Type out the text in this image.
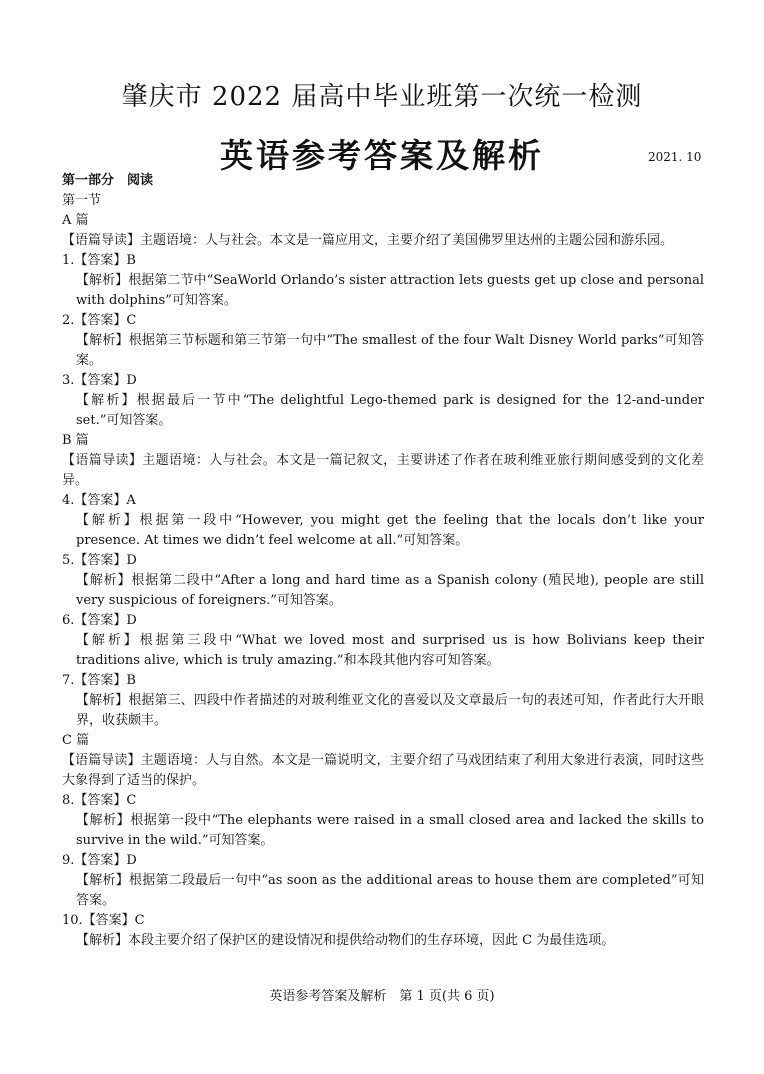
肇庆市 2022 届高中毕业班第一次统一检测
英语参考答案及解析	2021. 10
第一部分　阅读
第一节
A 篇
【语篇导读】主题语境：人与社会。本文是一篇应用文，主要介绍了美国佛罗里达州的主题公园和游乐园。
1.【答案】B
【解析】根据第二节中“SeaWorld Orlando’s sister attraction lets guests get up close and personal with dolphins”可知答案。
2.【答案】C
【解析】根据第三节标题和第三节第一句中“The smallest of the four Walt Disney World parks”可知答案。
3.【答案】D
【解析】根据最后一节中“The delightful Lego-themed park is designed for the 12-and-under set.”可知答案。
B 篇
【语篇导读】主题语境：人与社会。本文是一篇记叙文，主要讲述了作者在玻利维亚旅行期间感受到的文化差异。
4.【答案】A
【解析】根据第一段中“However, you might get the feeling that the locals don’t like your presence. At times we didn’t feel welcome at all.”可知答案。
5.【答案】D
【解析】根据第二段中“After a long and hard time as a Spanish colony (殖民地), people are still very suspicious of foreigners.”可知答案。
6.【答案】D
【解析】根据第三段中“What we loved most and surprised us is how Bolivians keep their traditions alive, which is truly amazing.”和本段其他内容可知答案。
7.【答案】B
【解析】根据第三、四段中作者描述的对玻利维亚文化的喜爱以及文章最后一句的表述可知，作者此行大开眼界，收获颇丰。
C 篇
【语篇导读】主题语境：人与自然。本文是一篇说明文，主要介绍了马戏团结束了利用大象进行表演，同时这些大象得到了适当的保护。
8.【答案】C
【解析】根据第一段中“The elephants were raised in a small closed area and lacked the skills to survive in the wild.”可知答案。
9.【答案】D
【解析】根据第二段最后一句中“as soon as the additional areas to house them are completed”可知答案。
10.【答案】C
【解析】本段主要介绍了保护区的建设情况和提供给动物们的生存环境，因此 C 为最佳选项。
英语参考答案及解析　第 1 页(共 6 页)
